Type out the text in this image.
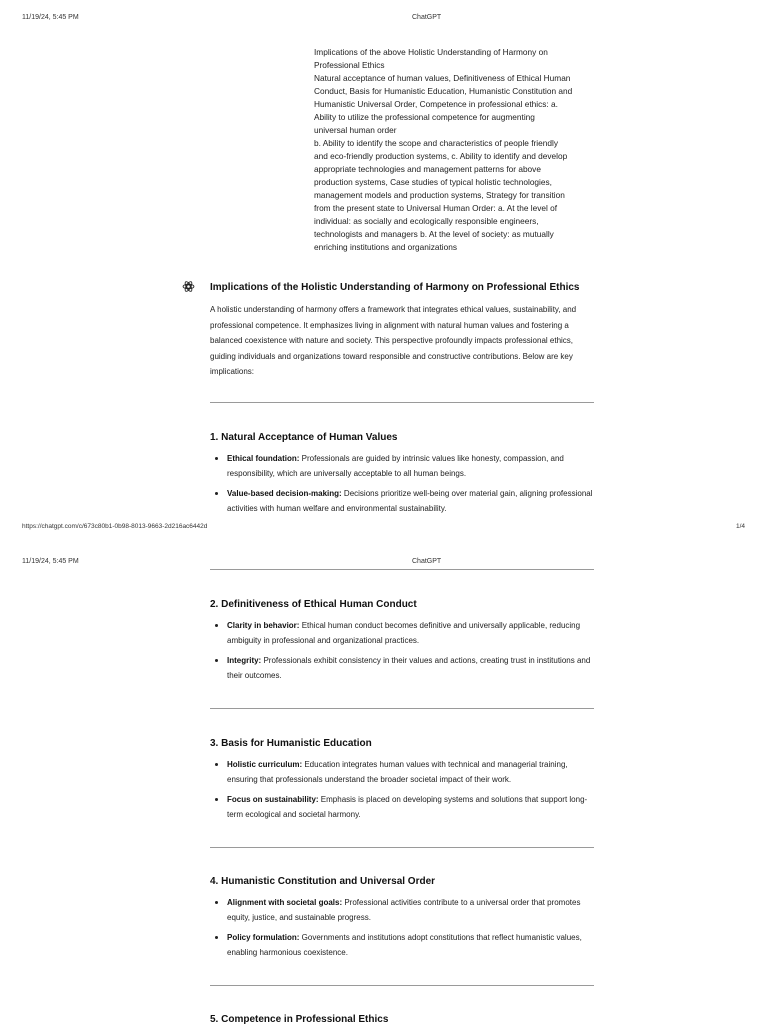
11/19/24, 5:45 PM	ChatGPT

Implications of the above Holistic Understanding of Harmony on

Professional Ethics

Natural acceptance of human values, Definitiveness of Ethical Human

Conduct, Basis for Humanistic Education, Humanistic Constitution and

Humanistic Universal Order, Competence in professional ethics: a.

Ability to utilize the professional competence for augmenting

universal human order

b. Ability to identify the scope and characteristics of people friendly

and eco-friendly production systems, c. Ability to identify and develop

appropriate technologies and management patterns for above

production systems, Case studies of typical holistic technologies,

management models and production systems, Strategy for transition

from the present state to Universal Human Order: a. At the level of

individual: as socially and ecologically responsible engineers,

technologists and managers b. At the level of society: as mutually

enriching institutions and organizations

Implications of the Holistic Understanding of Harmony on Professional Ethics
A holistic understanding of harmony offers a framework that integrates ethical values, sustainability, and professional competence. It emphasizes living in alignment with natural human values and fostering a balanced coexistence with nature and society. This perspective profoundly impacts professional ethics, guiding individuals and organizations toward responsible and constructive contributions. Below are key implications:
1. Natural Acceptance of Human Values
Ethical foundation: Professionals are guided by intrinsic values like honesty, compassion, and responsibility, which are universally acceptable to all human beings.
Value-based decision-making: Decisions prioritize well-being over material gain, aligning professional activities with human welfare and environmental sustainability.
https://chatgpt.com/c/673c80b1-0b98-8013-9663-2d216ac6442d	1/4
11/19/24, 5:45 PM	ChatGPT
2. Definitiveness of Ethical Human Conduct
Clarity in behavior: Ethical human conduct becomes definitive and universally applicable, reducing ambiguity in professional and organizational practices.
Integrity: Professionals exhibit consistency in their values and actions, creating trust in institutions and their outcomes.
3. Basis for Humanistic Education
Holistic curriculum: Education integrates human values with technical and managerial training, ensuring that professionals understand the broader societal impact of their work.
Focus on sustainability: Emphasis is placed on developing systems and solutions that support long-term ecological and societal harmony.
4. Humanistic Constitution and Universal Order
Alignment with societal goals: Professional activities contribute to a universal order that promotes equity, justice, and sustainable progress.
Policy formulation: Governments and institutions adopt constitutions that reflect humanistic values, enabling harmonious coexistence.
5. Competence in Professional Ethics
